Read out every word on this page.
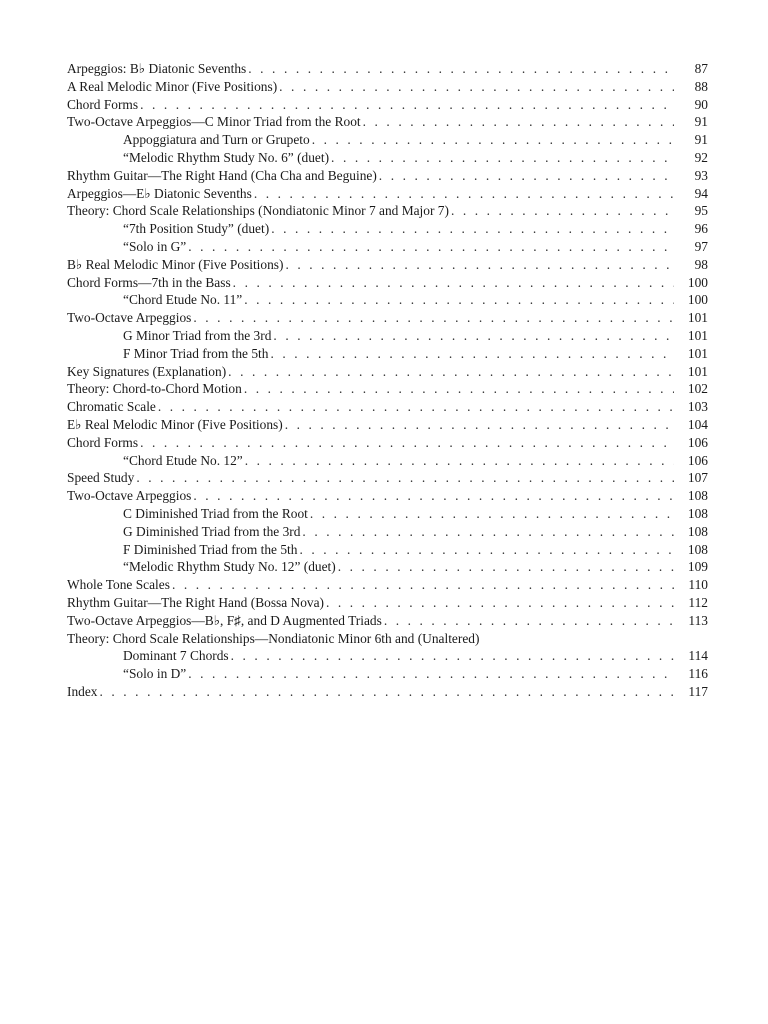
Arpeggios: B♭ Diatonic Sevenths . . .	87
A Real Melodic Minor (Five Positions) . . .	88
Chord Forms . . .	90
Two-Octave Arpeggios—C Minor Triad from the Root . . .	91
Appoggiatura and Turn or Grupeto . . .	91
“Melodic Rhythm Study No. 6” (duet) . . .	92
Rhythm Guitar—The Right Hand (Cha Cha and Beguine) . . .	93
Arpeggios—E♭ Diatonic Sevenths . . .	94
Theory: Chord Scale Relationships (Nondiatonic Minor 7 and Major 7) . . .	95
“7th Position Study” (duet) . . .	96
“Solo in G” . . .	97
B♭ Real Melodic Minor (Five Positions) . . .	98
Chord Forms—7th in the Bass . . .	100
“Chord Etude No. 11” . . .	100
Two-Octave Arpeggios . . .	101
G Minor Triad from the 3rd . . .	101
F Minor Triad from the 5th . . .	101
Key Signatures (Explanation) . . .	101
Theory: Chord-to-Chord Motion . . .	102
Chromatic Scale . . .	103
E♭ Real Melodic Minor (Five Positions) . . .	104
Chord Forms . . .	106
“Chord Etude No. 12” . . .	106
Speed Study . . .	107
Two-Octave Arpeggios . . .	108
C Diminished Triad from the Root . . .	108
G Diminished Triad from the 3rd . . .	108
F Diminished Triad from the 5th . . .	108
“Melodic Rhythm Study No. 12” (duet) . . .	109
Whole Tone Scales . . .	110
Rhythm Guitar—The Right Hand (Bossa Nova) . . .	112
Two-Octave Arpeggios—B♭, F♯, and D Augmented Triads . . .	113
Theory: Chord Scale Relationships—Nondiatonic Minor 6th and (Unaltered)
Dominant 7 Chords . . .	114
“Solo in D” . . .	116
Index . . .	117
